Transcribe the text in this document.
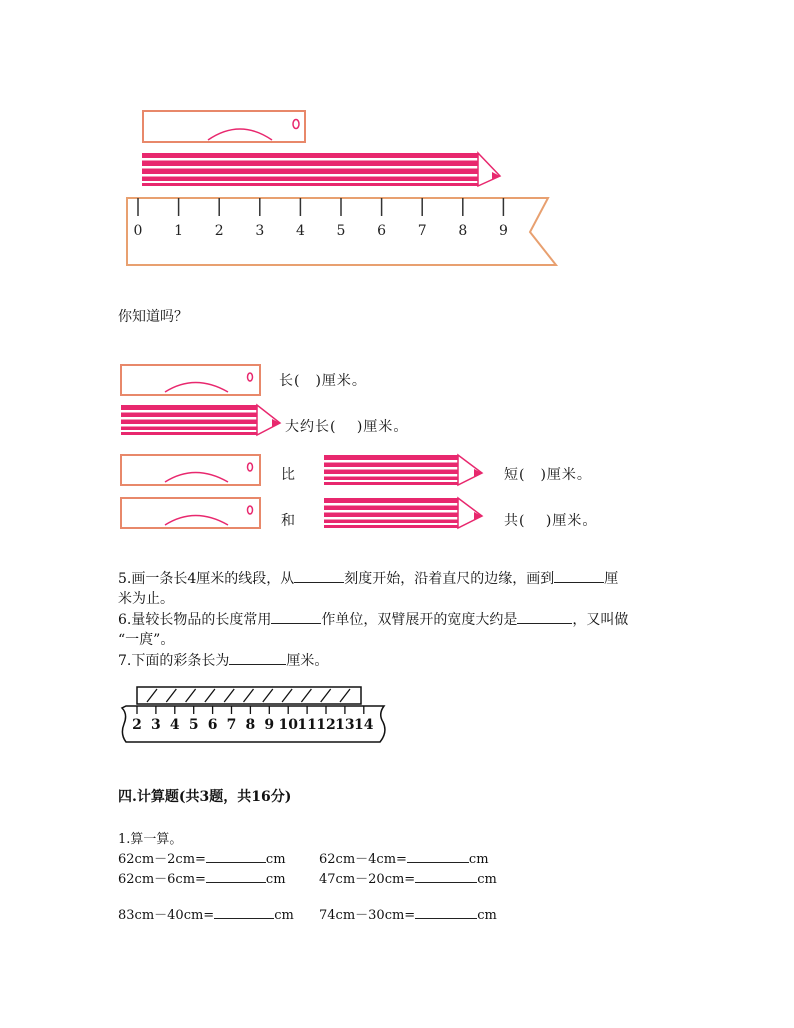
0 1 2 3 4 5 6 7 8 9
你知道吗？
长(　)厘米。
大约长(　 )厘米。
比	短(　)厘米。
和	共(　 )厘米。
5.画一条长4厘米的线段，从	刻度开始，沿着直尺的边缘，画到	厘
米为止。
6.量较长物品的长度常用	作单位，双臂展开的宽度大约是	，又叫做
“一庹”。
7.下面的彩条长为	厘米。
2 3 4 5 6 7 8 9 10 11 12 13 14
四.计算题(共3题，共16分)
1.算一算。
62cm－2cm=	cm	62cm－4cm=	cm
62cm－6cm=	cm	47cm－20cm=	cm
83cm－40cm=	cm 74cm－30cm=	cm
